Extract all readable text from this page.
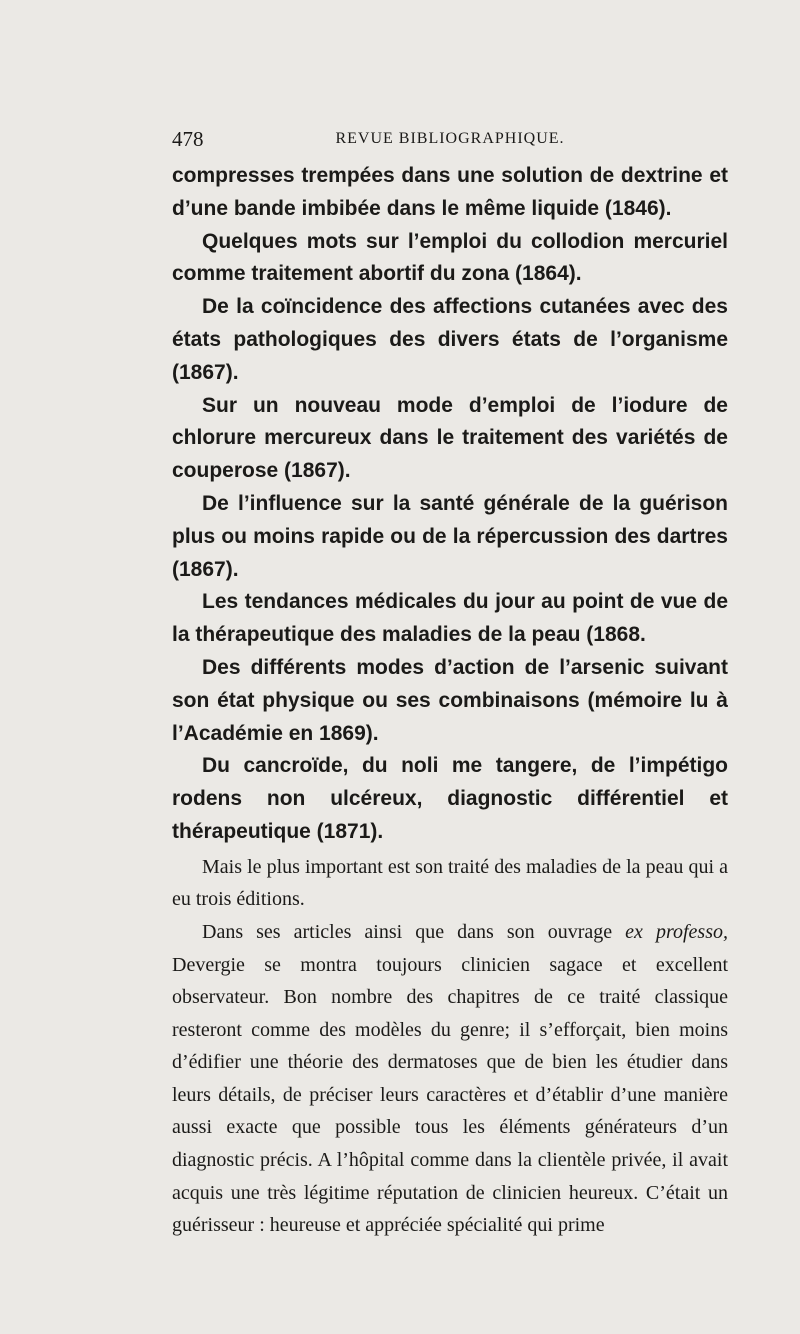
478	REVUE BIBLIOGRAPHIQUE.

compresses trempées dans une solution de dextrine et d’une bande imbibée dans le même liquide (1846).

Quelques mots sur l’emploi du collodion mercuriel comme traitement abortif du zona (1864).

De la coïncidence des affections cutanées avec des états pathologiques des divers états de l’organisme (1867).

Sur un nouveau mode d’emploi de l’iodure de chlorure mercureux dans le traitement des variétés de couperose (1867).

De l’influence sur la santé générale de la guérison plus ou moins rapide ou de la répercussion des dartres (1867).

Les tendances médicales du jour au point de vue de la thérapeutique des maladies de la peau (1868.

Des différents modes d’action de l’arsenic suivant son état physique ou ses combinaisons (mémoire lu à l’Académie en 1869).

Du cancroïde, du noli me tangere, de l’impétigo rodens non ulcéreux, diagnostic différentiel et thérapeutique (1871).

Mais le plus important est son traité des maladies de la peau qui a eu trois éditions.

Dans ses articles ainsi que dans son ouvrage ex professo, Devergie se montra toujours clinicien sagace et excellent observateur. Bon nombre des chapitres de ce traité classique resteront comme des modèles du genre; il s’efforçait, bien moins d’édifier une théorie des dermatoses que de bien les étudier dans leurs détails, de préciser leurs caractères et d’établir d’une manière aussi exacte que possible tous les éléments générateurs d’un diagnostic précis. A l’hôpital comme dans la clientèle privée, il avait acquis une très légitime réputation de clinicien heureux. C’était un guérisseur : heureuse et appréciée spécialité qui prime
